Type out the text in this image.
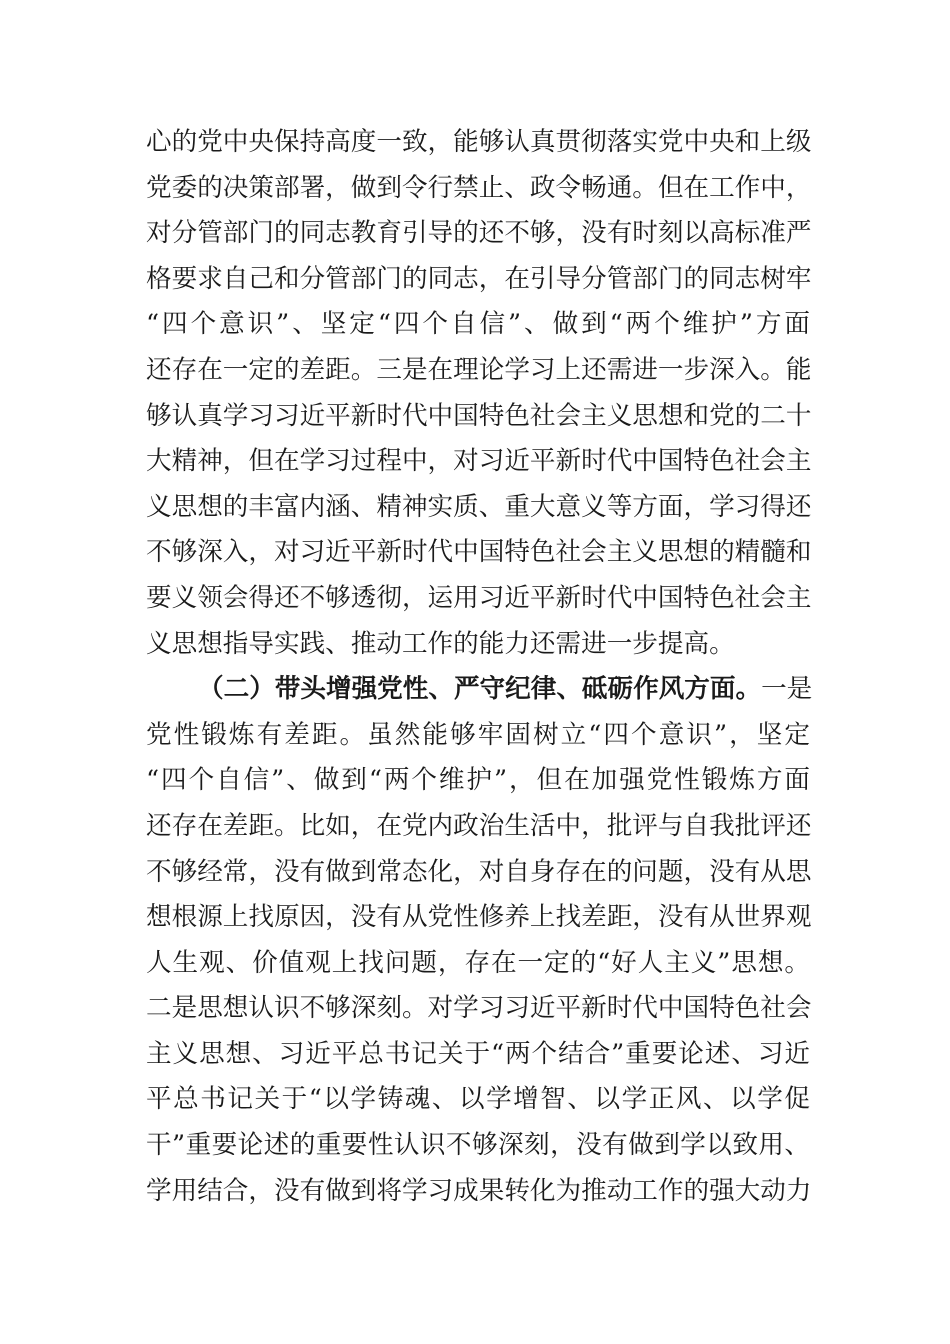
心的党中央保持高度一致，能够认真贯彻落实党中央和上级
党委的决策部署，做到令行禁止、政令畅通。但在工作中，
对分管部门的同志教育引导的还不够，没有时刻以高标准严
格要求自己和分管部门的同志，在引导分管部门的同志树牢
“四个意识”、坚定“四个自信”、做到“两个维护”方面
还存在一定的差距。三是在理论学习上还需进一步深入。能
够认真学习习近平新时代中国特色社会主义思想和党的二十
大精神，但在学习过程中，对习近平新时代中国特色社会主
义思想的丰富内涵、精神实质、重大意义等方面，学习得还
不够深入，对习近平新时代中国特色社会主义思想的精髓和
要义领会得还不够透彻，运用习近平新时代中国特色社会主
义思想指导实践、推动工作的能力还需进一步提高。
（二）带头增强党性、严守纪律、砥砺作风方面。一是
党性锻炼有差距。虽然能够牢固树立“四个意识”，坚定
“四个自信”、做到“两个维护”，但在加强党性锻炼方面
还存在差距。比如，在党内政治生活中，批评与自我批评还
不够经常，没有做到常态化，对自身存在的问题，没有从思
想根源上找原因，没有从党性修养上找差距，没有从世界观
人生观、价值观上找问题，存在一定的“好人主义”思想。
二是思想认识不够深刻。对学习习近平新时代中国特色社会
主义思想、习近平总书记关于“两个结合”重要论述、习近
平总书记关于“以学铸魂、以学增智、以学正风、以学促
干”重要论述的重要性认识不够深刻，没有做到学以致用、
学用结合，没有做到将学习成果转化为推动工作的强大动力
